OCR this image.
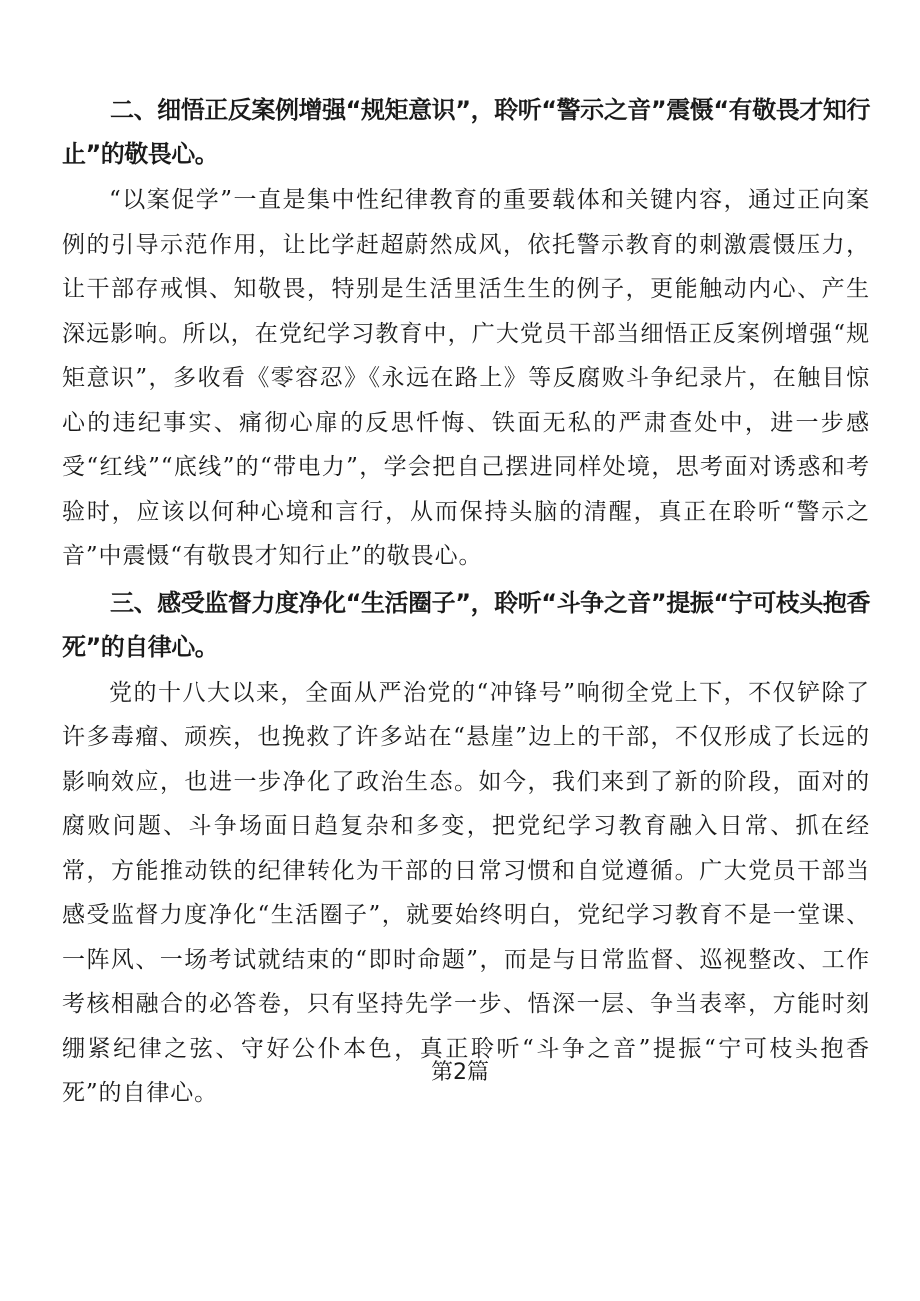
二、细悟正反案例增强“规矩意识”，聆听“警示之音”震慑“有敬畏才知行止”的敬畏心。

“以案促学”一直是集中性纪律教育的重要载体和关键内容，通过正向案例的引导示范作用，让比学赶超蔚然成风，依托警示教育的刺激震慑压力，让干部存戒惧、知敬畏，特别是生活里活生生的例子，更能触动内心、产生深远影响。所以，在党纪学习教育中，广大党员干部当细悟正反案例增强“规矩意识”，多收看《零容忍》《永远在路上》等反腐败斗争纪录片，在触目惊心的违纪事实、痛彻心扉的反思忏悔、铁面无私的严肃查处中，进一步感受“红线”“底线”的“带电力”，学会把自己摆进同样处境，思考面对诱惑和考验时，应该以何种心境和言行，从而保持头脑的清醒，真正在聆听“警示之音”中震慑“有敬畏才知行止”的敬畏心。

三、感受监督力度净化“生活圈子”，聆听“斗争之音”提振“宁可枝头抱香死”的自律心。

党的十八大以来，全面从严治党的“冲锋号”响彻全党上下，不仅铲除了许多毒瘤、顽疾，也挽救了许多站在“悬崖”边上的干部，不仅形成了长远的影响效应，也进一步净化了政治生态。如今，我们来到了新的阶段，面对的腐败问题、斗争场面日趋复杂和多变，把党纪学习教育融入日常、抓在经常，方能推动铁的纪律转化为干部的日常习惯和自觉遵循。广大党员干部当感受监督力度净化“生活圈子”，就要始终明白，党纪学习教育不是一堂课、一阵风、一场考试就结束的“即时命题”，而是与日常监督、巡视整改、工作考核相融合的必答卷，只有坚持先学一步、悟深一层、争当表率，方能时刻绷紧纪律之弦、守好公仆本色，真正聆听“斗争之音”提振“宁可枝头抱香死”的自律心。

第2篇
